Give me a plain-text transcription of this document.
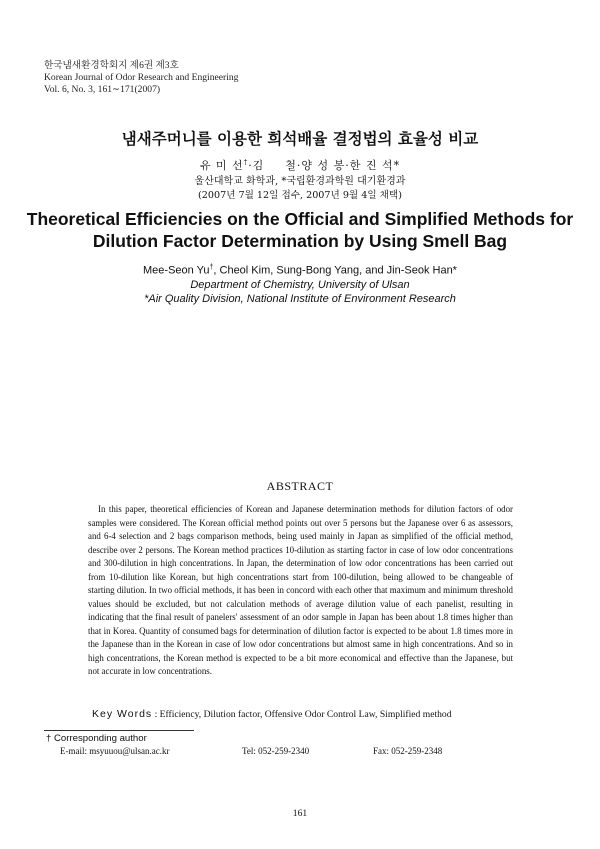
한국냄새환경학회지 제6권 제3호
Korean Journal of Odor Research and Engineering
Vol. 6, No. 3, 161∼171(2007)
냄새주머니를 이용한 희석배율 결정법의 효율성 비교
유 미 선†·김 　 철·양 성 봉·한 진 석*
울산대학교 화학과, *국립환경과학원 대기환경과
(2007년 7월 12일 접수, 2007년 9월 4일 채택)
Theoretical Efficiencies on the Official and Simplified Methods for
Dilution Factor Determination by Using Smell Bag
Mee-Seon Yu†, Cheol Kim, Sung-Bong Yang, and Jin-Seok Han*
Department of Chemistry, University of Ulsan
*Air Quality Division, National Institute of Environment Research
ABSTRACT
In this paper, theoretical efficiencies of Korean and Japanese determination methods for dilution factors of odor samples were considered. The Korean official method points out over 5 persons but the Japanese over 6 as assessors, and 6-4 selection and 2 bags comparison methods, being used mainly in Japan as simplified of the official method, describe over 2 persons. The Korean method practices 10-dilution as starting factor in case of low odor concentrations and 300-dilution in high concentrations. In Japan, the determination of low odor concentrations has been carried out from 10-dilution like Korean, but high concentrations start from 100-dilution, being allowed to be changeable of starting dilution. In two official methods, it has been in concord with each other that maximum and minimum threshold values should be excluded, but not calculation methods of average dilution value of each panelist, resulting in indicating that the final result of panelers' assessment of an odor sample in Japan has been about 1.8 times higher than that in Korea. Quantity of consumed bags for determination of dilution factor is expected to be about 1.8 times more in the Japanese than in the Korean in case of low odor concentrations but almost same in high concentrations. And so in high concentrations, the Korean method is expected to be a bit more economical and effective than the Japanese, but not accurate in low concentrations.
Key Words : Efficiency, Dilution factor, Offensive Odor Control Law, Simplified method
† Corresponding author
E-mail: msyuuou@ulsan.ac.kr	Tel: 052-259-2340	Fax: 052-259-2348
161
